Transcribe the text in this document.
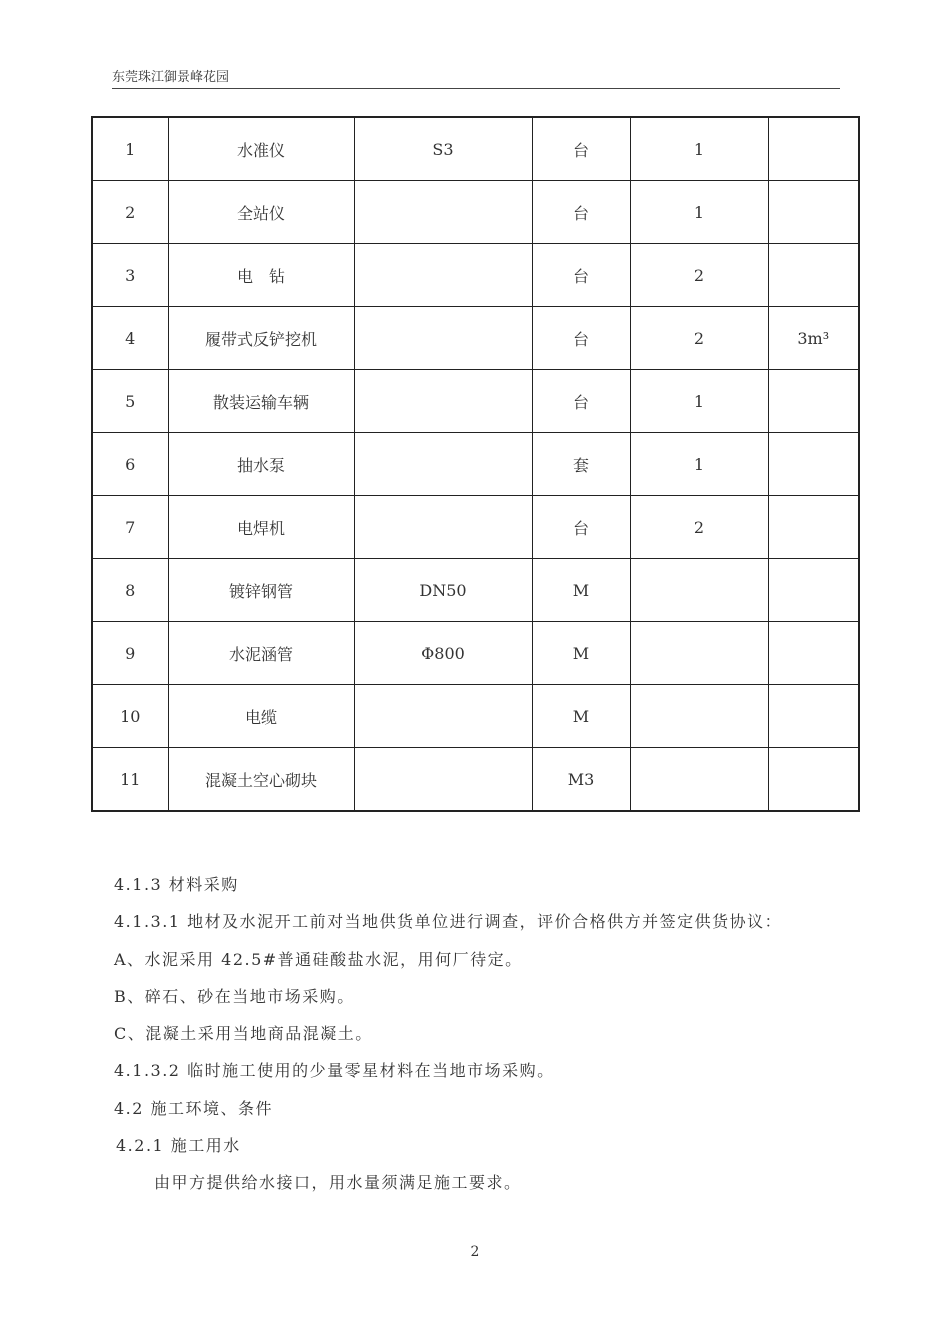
东莞珠江御景峰花园
1	水准仪	S3	台	1	
2	全站仪		台	1	
3	电　钻		台	2	
4	履带式反铲挖机		台	2	3m³
5	散装运输车辆		台	1	
6	抽水泵		套	1	
7	电焊机		台	2	
8	镀锌钢管	DN50	M		
9	水泥涵管	Φ800	M		
10	电缆		M		
11	混凝土空心砌块		M3		
4.1.3 材料采购
4.1.3.1 地材及水泥开工前对当地供货单位进行调查，评价合格供方并签定供货协议：
A、水泥采用 42.5#普通硅酸盐水泥，用何厂待定。
B、碎石、砂在当地市场采购。
C、混凝土采用当地商品混凝土。
4.1.3.2 临时施工使用的少量零星材料在当地市场采购。
4.2 施工环境、条件
4.2.1 施工用水
由甲方提供给水接口，用水量须满足施工要求。
2
